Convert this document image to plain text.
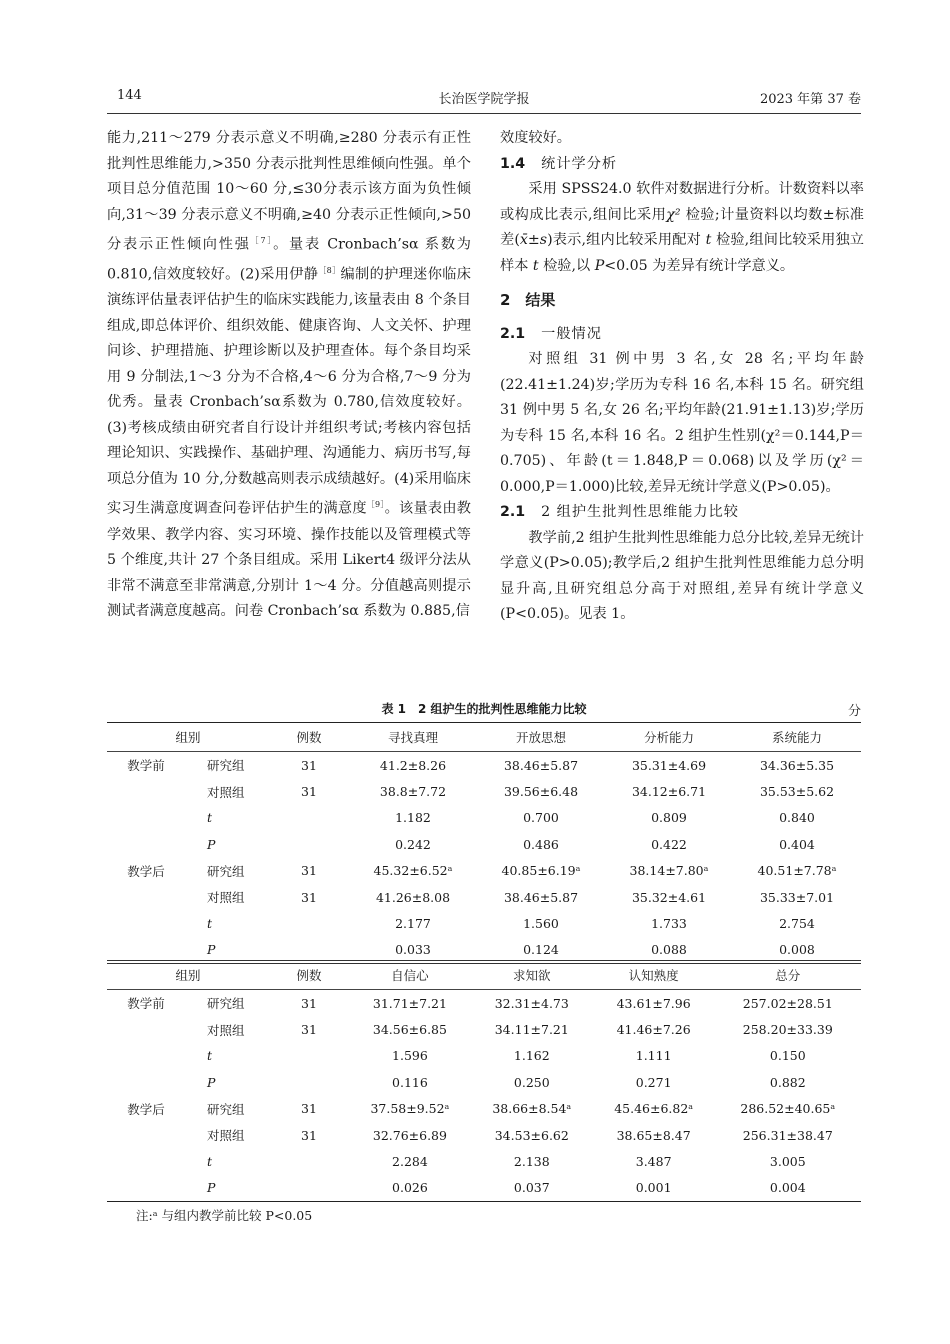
144	长治医学院学报	2023 年第 37 卷

能力,211～279 分表示意义不明确,≥280 分表示有正性批判性思维能力,>350 分表示批判性思维倾向性强。单个项目总分值范围 10～60 分,≤30分表示该方面为负性倾向,31～39 分表示意义不明确,≥40 分表示正性倾向,>50 分表示正性倾向性强$^{[7]}$。量表 Cronbach’sα 系数为 0.810,信效度较好。(2)采用伊静$^{[8]}$编制的护理迷你临床演练评估量表评估护生的临床实践能力,该量表由 8 个条目组成,即总体评价、组织效能、健康咨询、人文关怀、护理问诊、护理措施、护理诊断以及护理查体。每个条目均采用 9 分制法,1～3 分为不合格,4～6 分为合格,7～9 分为优秀。量表 Cronbach’sα系数为 0.780,信效度较好。(3)考核成绩由研究者自行设计并组织考试;考核内容包括理论知识、实践操作、基础护理、沟通能力、病历书写,每项总分值为 10 分,分数越高则表示成绩越好。(4)采用临床实习生满意度调查问卷评估护生的满意度$^{[9]}$。该量表由教学效果、教学内容、实习环境、操作技能以及管理模式等 5 个维度,共计 27 个条目组成。采用 Likert4 级评分法从非常不满意至非常满意,分别计 1～4 分。分值越高则提示测试者满意度越高。问卷 Cronbach’sα 系数为 0.885,信

效度较好。

1.4 统计学分析

采用 SPSS24.0 软件对数据进行分析。计数资料以率或构成比表示,组间比采用χ² 检验;计量资料以均数±标准差(x̄±s)表示,组内比较采用配对 t 检验,组间比较采用独立样本 t 检验,以 P<0.05 为差异有统计学意义。

2　结果

2.1 一般情况

对照组 31 例中男 3 名,女 28 名;平均年龄(22.41±1.24)岁;学历为专科 16 名,本科 15 名。研究组 31 例中男 5 名,女 26 名;平均年龄(21.91±1.13)岁;学历为专科 15 名,本科 16 名。2 组护生性别(χ²＝0.144,P＝0.705)、年龄(t＝1.848,P＝0.068)以及学历(χ²＝0.000,P＝1.000)比较,差异无统计学意义(P>0.05)。

2.1 2 组护生批判性思维能力比较

教学前,2 组护生批判性思维能力总分比较,差异无统计学意义(P>0.05);教学后,2 组护生批判性思维能力总分明显升高,且研究组总分高于对照组,差异有统计学意义(P<0.05)。见表 1。

表 1　2 组护生的批判性思维能力比较	分
组别		例数	寻找真理	开放思想	分析能力	系统能力
教学前	研究组	31	41.2±8.26	38.46±5.87	35.31±4.69	34.36±5.35
	对照组	31	38.8±7.72	39.56±6.48	34.12±6.71	35.53±5.62
	t		1.182	0.700	0.809	0.840
	P		0.242	0.486	0.422	0.404
教学后	研究组	31	45.32±6.52ᵃ	40.85±6.19ᵃ	38.14±7.80ᵃ	40.51±7.78ᵃ
	对照组	31	41.26±8.08	38.46±5.87	35.32±4.61	35.33±7.01
	t		2.177	1.560	1.733	2.754
	P		0.033	0.124	0.088	0.008
组别		例数	自信心	求知欲	认知熟度	总分
教学前	研究组	31	31.71±7.21	32.31±4.73	43.61±7.96	257.02±28.51
	对照组	31	34.56±6.85	34.11±7.21	41.46±7.26	258.20±33.39
	t		1.596	1.162	1.111	0.150
	P		0.116	0.250	0.271	0.882
教学后	研究组	31	37.58±9.52ᵃ	38.66±8.54ᵃ	45.46±6.82ᵃ	286.52±40.65ᵃ
	对照组	31	32.76±6.89	34.53±6.62	38.65±8.47	256.31±38.47
	t		2.284	2.138	3.487	3.005
	P		0.026	0.037	0.001	0.004
注:ᵃ 与组内教学前比较 P<0.05
